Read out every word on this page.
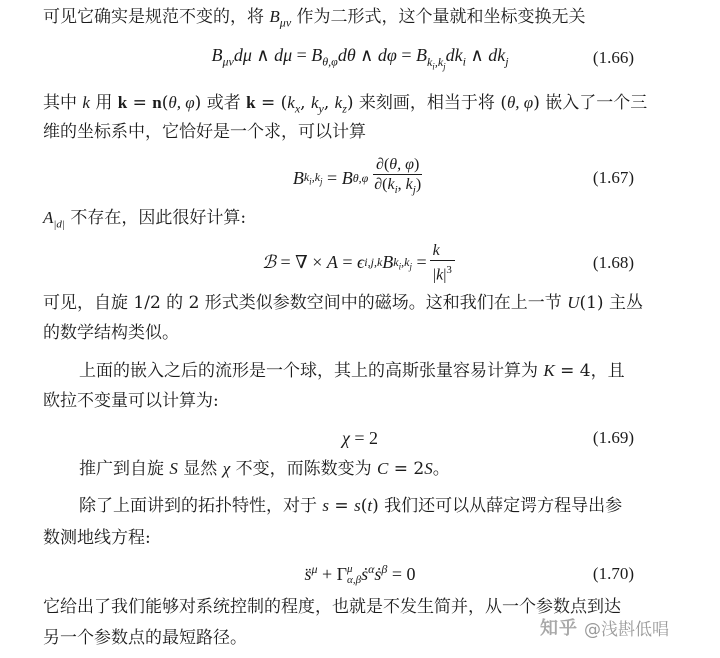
可见它确实是规范不变的，将 $B_{\mu\nu}$ 作为二形式，这个量就和坐标变换无关
$B_{\mu\nu}d\mu$ ∧ $d\mu = B_{\theta,\varphi}d\theta$ ∧ $d\varphi = B_{k_i,k_j}dk_i$ ∧ $dk_j$	(1.66)
其中 k 用 k = n(θ, φ) 或者 $k = (k_x$, $k_y$, $k_z$) 来刻画，相当于将 (θ, φ) 嵌入了一个三
维的坐标系中，它恰好是一个求，可以计算
B $k_i,k_j = B$ $\theta,\varphi \frac{\partial(\theta, \varphi)}{\partial(k_i, k_j)}$	(1.67)
$A_{|d|}$ 不存在，因此很好计算:
ℬ = ∇ × A = ϵ i,j,k B $k_i,k_j = \frac{k⃗}{|k|^3}$	(1.68)
可见，自旋 1/2 的 2 形式类似参数空间中的磁场。这和我们在上一节 U(1) 主丛
的数学结构类似。
上面的嵌入之后的流形是一个球，其上的高斯张量容易计算为 K = 4，且
欧拉不变量可以计算为:
χ = 2	(1.69)
推广到自旋 S 显然 χ 不变，而陈数变为 C = 2S。
除了上面讲到的拓扑特性，对于 s = s(t) 我们还可以从薛定谔方程导出参
数测地线方程:
s̈$^\mu$ + Γ μ
α,β ṡ$^\alpha$ṡ$^\beta$ = 0	(1.70)
它给出了我们能够对系统控制的程度，也就是不发生简并，从一个参数点到达
另一个参数点的最短路径。	知乎 @浅斟低唱
